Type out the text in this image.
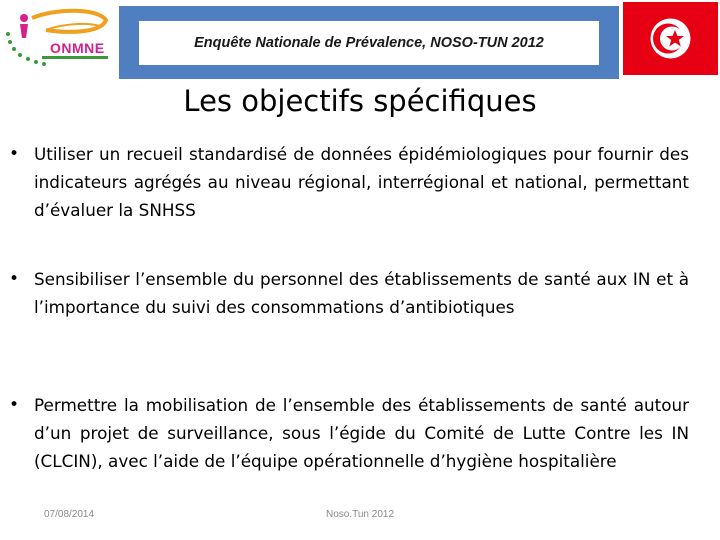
ONMNE	Enquête Nationale de Prévalence, NOSO-TUN 2012
Les objectifs spécifiques
• Utiliser un recueil standardisé de données épidémiologiques pour fournir des indicateurs agrégés au niveau régional, interrégional et national, permettant d’évaluer la SNHSS
• Sensibiliser l’ensemble du personnel des établissements de santé aux IN et à l’importance du suivi des consommations d’antibiotiques
• Permettre la mobilisation de l’ensemble des établissements de santé autour d’un projet de surveillance, sous l’égide du Comité de Lutte Contre les IN (CLCIN), avec l’aide de l’équipe opérationnelle d’hygiène hospitalière
07/08/2014	Noso.Tun 2012
